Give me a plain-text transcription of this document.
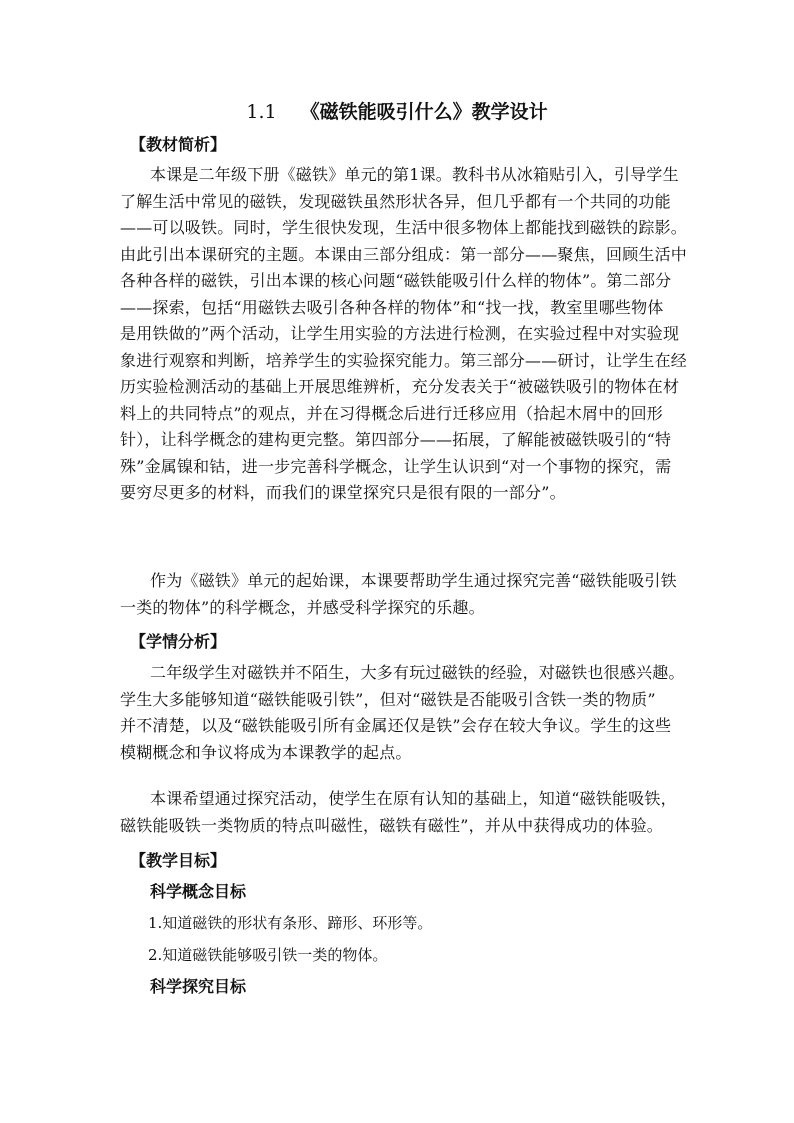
1.1 《磁铁能吸引什么》教学设计
【教材简析】
本课是二年级下册《磁铁》单元的第1课。教科书从冰箱贴引入，引导学生
了解生活中常见的磁铁，发现磁铁虽然形状各异，但几乎都有一个共同的功能
——可以吸铁。同时，学生很快发现，生活中很多物体上都能找到磁铁的踪影。
由此引出本课研究的主题。本课由三部分组成：第一部分——聚焦，回顾生活中
各种各样的磁铁，引出本课的核心问题“磁铁能吸引什么样的物体”。第二部分
——探索，包括“用磁铁去吸引各种各样的物体”和“找一找，教室里哪些物体
是用铁做的”两个活动，让学生用实验的方法进行检测，在实验过程中对实验现
象进行观察和判断，培养学生的实验探究能力。第三部分——研讨，让学生在经
历实验检测活动的基础上开展思维辨析，充分发表关于“被磁铁吸引的物体在材
料上的共同特点”的观点，并在习得概念后进行迁移应用（拾起木屑中的回形
针），让科学概念的建构更完整。第四部分——拓展，了解能被磁铁吸引的“特
殊”金属镍和钴，进一步完善科学概念，让学生认识到“对一个事物的探究，需
要穷尽更多的材料，而我们的课堂探究只是很有限的一部分”。
作为《磁铁》单元的起始课，本课要帮助学生通过探究完善“磁铁能吸引铁
一类的物体”的科学概念，并感受科学探究的乐趣。
【学情分析】
二年级学生对磁铁并不陌生，大多有玩过磁铁的经验，对磁铁也很感兴趣。
学生大多能够知道“磁铁能吸引铁”，但对“磁铁是否能吸引含铁一类的物质”
并不清楚，以及“磁铁能吸引所有金属还仅是铁”会存在较大争议。学生的这些
模糊概念和争议将成为本课教学的起点。
本课希望通过探究活动，使学生在原有认知的基础上，知道“磁铁能吸铁，
磁铁能吸铁一类物质的特点叫磁性，磁铁有磁性”，并从中获得成功的体验。
【教学目标】
科学概念目标
1.知道磁铁的形状有条形、蹄形、环形等。
2.知道磁铁能够吸引铁一类的物体。
科学探究目标
